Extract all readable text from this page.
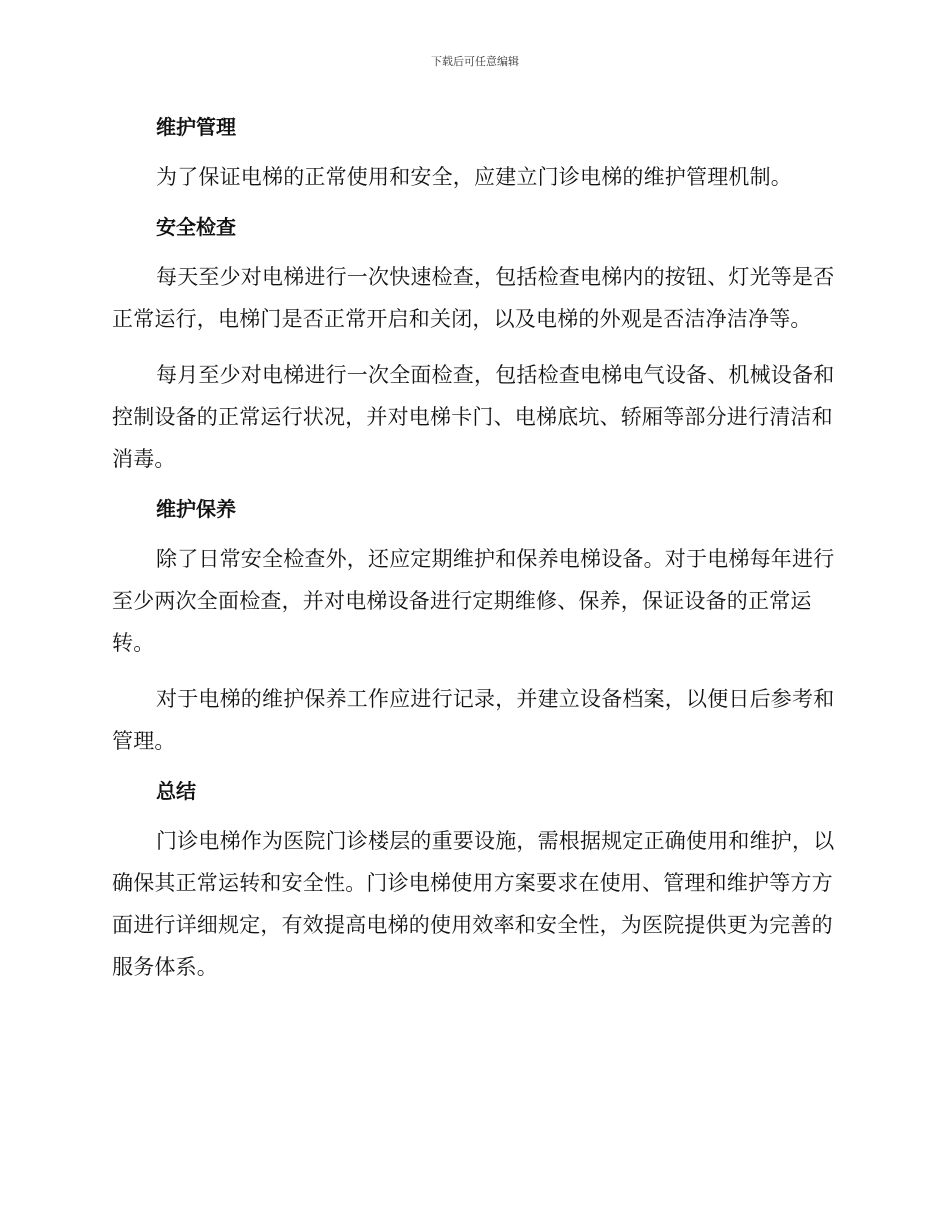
下载后可任意编辑
维护管理

为了保证电梯的正常使用和安全，应建立门诊电梯的维护管理机制。

安全检查

每天至少对电梯进行一次快速检查，包括检查电梯内的按钮、灯光等是否正常运行，电梯门是否正常开启和关闭，以及电梯的外观是否洁净洁净等。

每月至少对电梯进行一次全面检查，包括检查电梯电气设备、机械设备和控制设备的正常运行状况，并对电梯卡门、电梯底坑、轿厢等部分进行清洁和消毒。

维护保养

除了日常安全检查外，还应定期维护和保养电梯设备。对于电梯每年进行至少两次全面检查，并对电梯设备进行定期维修、保养，保证设备的正常运转。

对于电梯的维护保养工作应进行记录，并建立设备档案，以便日后参考和管理。

总结

门诊电梯作为医院门诊楼层的重要设施，需根据规定正确使用和维护，以确保其正常运转和安全性。门诊电梯使用方案要求在使用、管理和维护等方方面进行详细规定，有效提高电梯的使用效率和安全性，为医院提供更为完善的服务体系。
